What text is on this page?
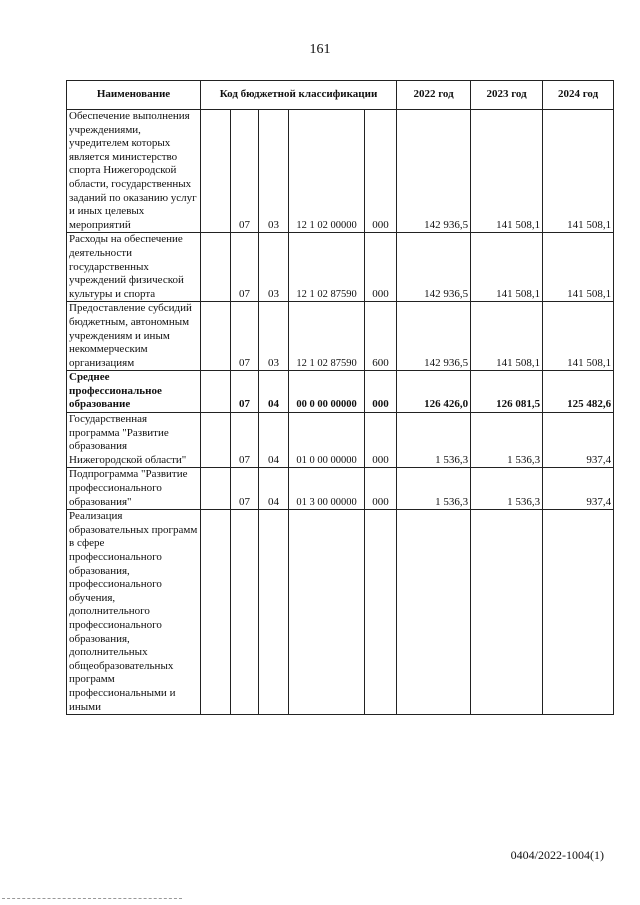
161
Наименование	Код бюджетной классификации					2022 год	2023 год	2024 год
Обеспечение выполнения учреждениями, учредителем которых является министерство спорта Нижегородской области, государственных заданий по оказанию услуг и иных целевых мероприятий		07	03	12 1 02 00000	000	142 936,5	141 508,1	141 508,1
Расходы на обеспечение деятельности государственных учреждений физической культуры и спорта		07	03	12 1 02 87590	000	142 936,5	141 508,1	141 508,1
Предоставление субсидий бюджетным, автономным учреждениям и иным некоммерческим организациям		07	03	12 1 02 87590	600	142 936,5	141 508,1	141 508,1
Среднее профессиональное образование		07	04	00 0 00 00000	000	126 426,0	126 081,5	125 482,6
Государственная программа "Развитие образования Нижегородской области"		07	04	01 0 00 00000	000	1 536,3	1 536,3	937,4
Подпрограмма "Развитие профессионального образования"		07	04	01 3 00 00000	000	1 536,3	1 536,3	937,4
Реализация образовательных программ в сфере профессионального образования, профессионального обучения, дополнительного профессионального образования, дополнительных общеобразовательных программ профессиональными и иными								
0404/2022-1004(1)
